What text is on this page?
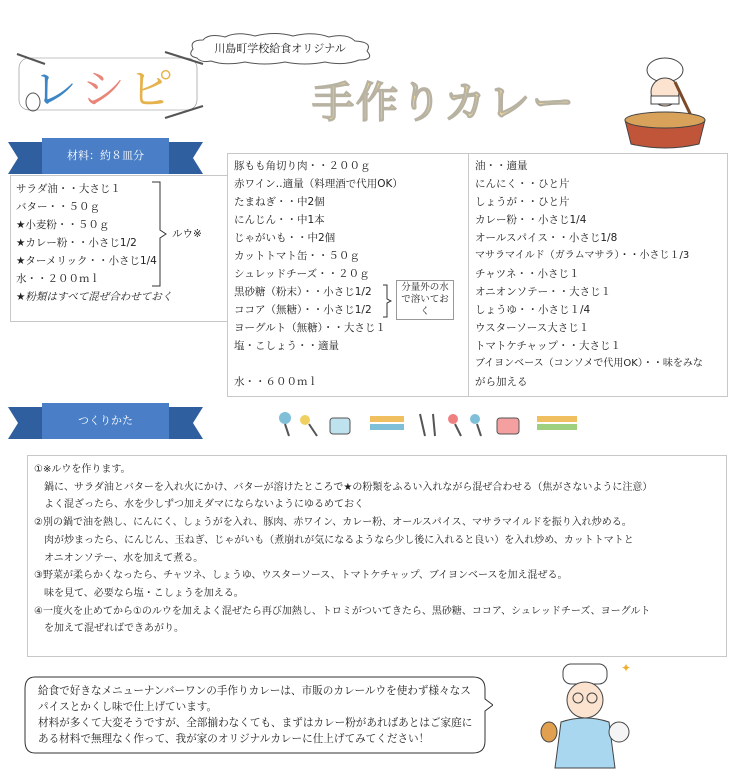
川島町学校給食オリジナル
レ シ ピ	手作りカレー
材料：約８皿分
サラダ油・・大さじ１
バター・・５０ｇ
★小麦粉・・５０ｇ
★カレー粉・・小さじ1/2
★ターメリック・・小さじ1/4
水・・２００ｍｌ
★粉類はすべて混ぜ合わせておく
ルウ※
豚もも角切り肉・・２００ｇ
赤ワイン‥適量（料理酒で代用OK）
たまねぎ・・中2個
にんじん・・中1本
じゃがいも・・中2個
カットトマト缶・・５０ｇ
シュレッドチーズ・・２０ｇ
黒砂糖（粉末）・・小さじ1/2
ココア（無糖）・・小さじ1/2
ヨーグルト（無糖）・・大さじ１
塩・こしょう・・適量
水・・６００ｍｌ
分量外の水で溶いておく
油・・適量
にんにく・・ひと片
しょうが・・ひと片
カレー粉・・小さじ1/4
オールスパイス・・小さじ1/8
マサラマイルド（ガラムマサラ）・・小さじ１/3
チャツネ・・小さじ１
オニオンソテー・・大さじ１
しょうゆ・・小さじ１/4
ウスターソース大さじ１
トマトケチャップ・・大さじ１
ブイヨンベース（コンソメで代用OK）・・味をみな
がら加える
つくりかた
①※ルウを作ります。
　鍋に、サラダ油とバターを入れ火にかけ、バターが溶けたところで★の粉類をふるい入れながら混ぜ合わせる（焦がさないように注意）
　よく混ざったら、水を少しずつ加えダマにならないようにゆるめておく
②別の鍋で油を熱し、にんにく、しょうがを入れ、豚肉、赤ワイン、カレー粉、オールスパイス、マサラマイルドを振り入れ炒める。
　肉が炒まったら、にんじん、玉ねぎ、じゃがいも（煮崩れが気になるようなら少し後に入れると良い）を入れ炒め、カットトマトと
　オニオンソテー、水を加えて煮る。
③野菜が柔らかくなったら、チャツネ、しょうゆ、ウスターソース、トマトケチャップ、ブイヨンベースを加え混ぜる。
　味を見て、必要なら塩・こしょうを加える。
④一度火を止めてから①のルウを加えよく混ぜたら再び加熱し、トロミがついてきたら、黒砂糖、ココア、シュレッドチーズ、ヨーグルト
　を加えて混ぜればできあがり。
給食で好きなメニューナンバーワンの手作りカレーは、市販のカレールウを使わず様々なス
パイスとかくし味で仕上げています。
材料が多くて大変そうですが、全部揃わなくても、まずはカレー粉があればあとはご家庭に
ある材料で無理なく作って、我が家のオリジナルカレーに仕上げてみてください！
✦
